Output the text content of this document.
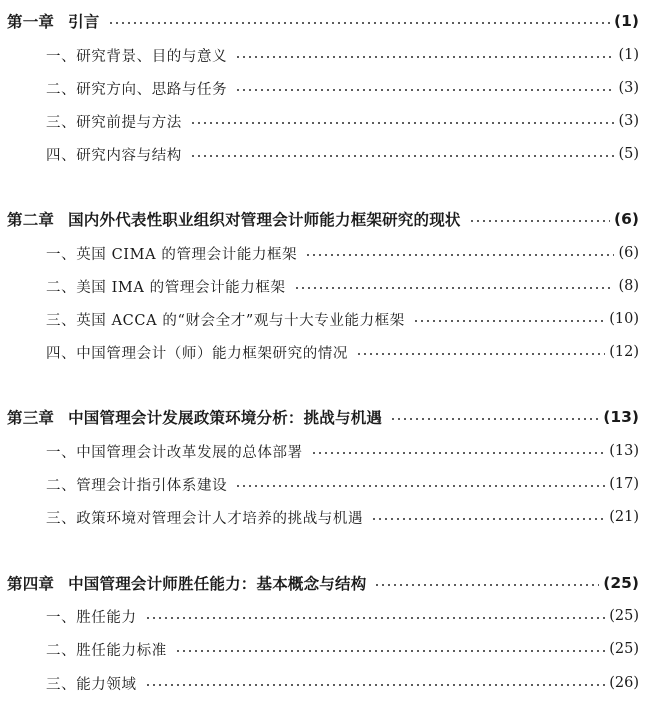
第一章 引言	(1)
一、研究背景、目的与意义	(1)
二、研究方向、思路与任务	(3)
三、研究前提与方法	(3)
四、研究内容与结构	(5)
第二章 国内外代表性职业组织对管理会计师能力框架研究的现状	(6)
一、英国 CIMA 的管理会计能力框架	(6)
二、美国 IMA 的管理会计能力框架	(8)
三、英国 ACCA 的“财会全才”观与十大专业能力框架	(10)
四、中国管理会计（师）能力框架研究的情况	(12)
第三章 中国管理会计发展政策环境分析：挑战与机遇	(13)
一、中国管理会计改革发展的总体部署	(13)
二、管理会计指引体系建设	(17)
三、政策环境对管理会计人才培养的挑战与机遇	(21)
第四章 中国管理会计师胜任能力：基本概念与结构	(25)
一、胜任能力	(25)
二、胜任能力标准	(25)
三、能力领域	(26)
